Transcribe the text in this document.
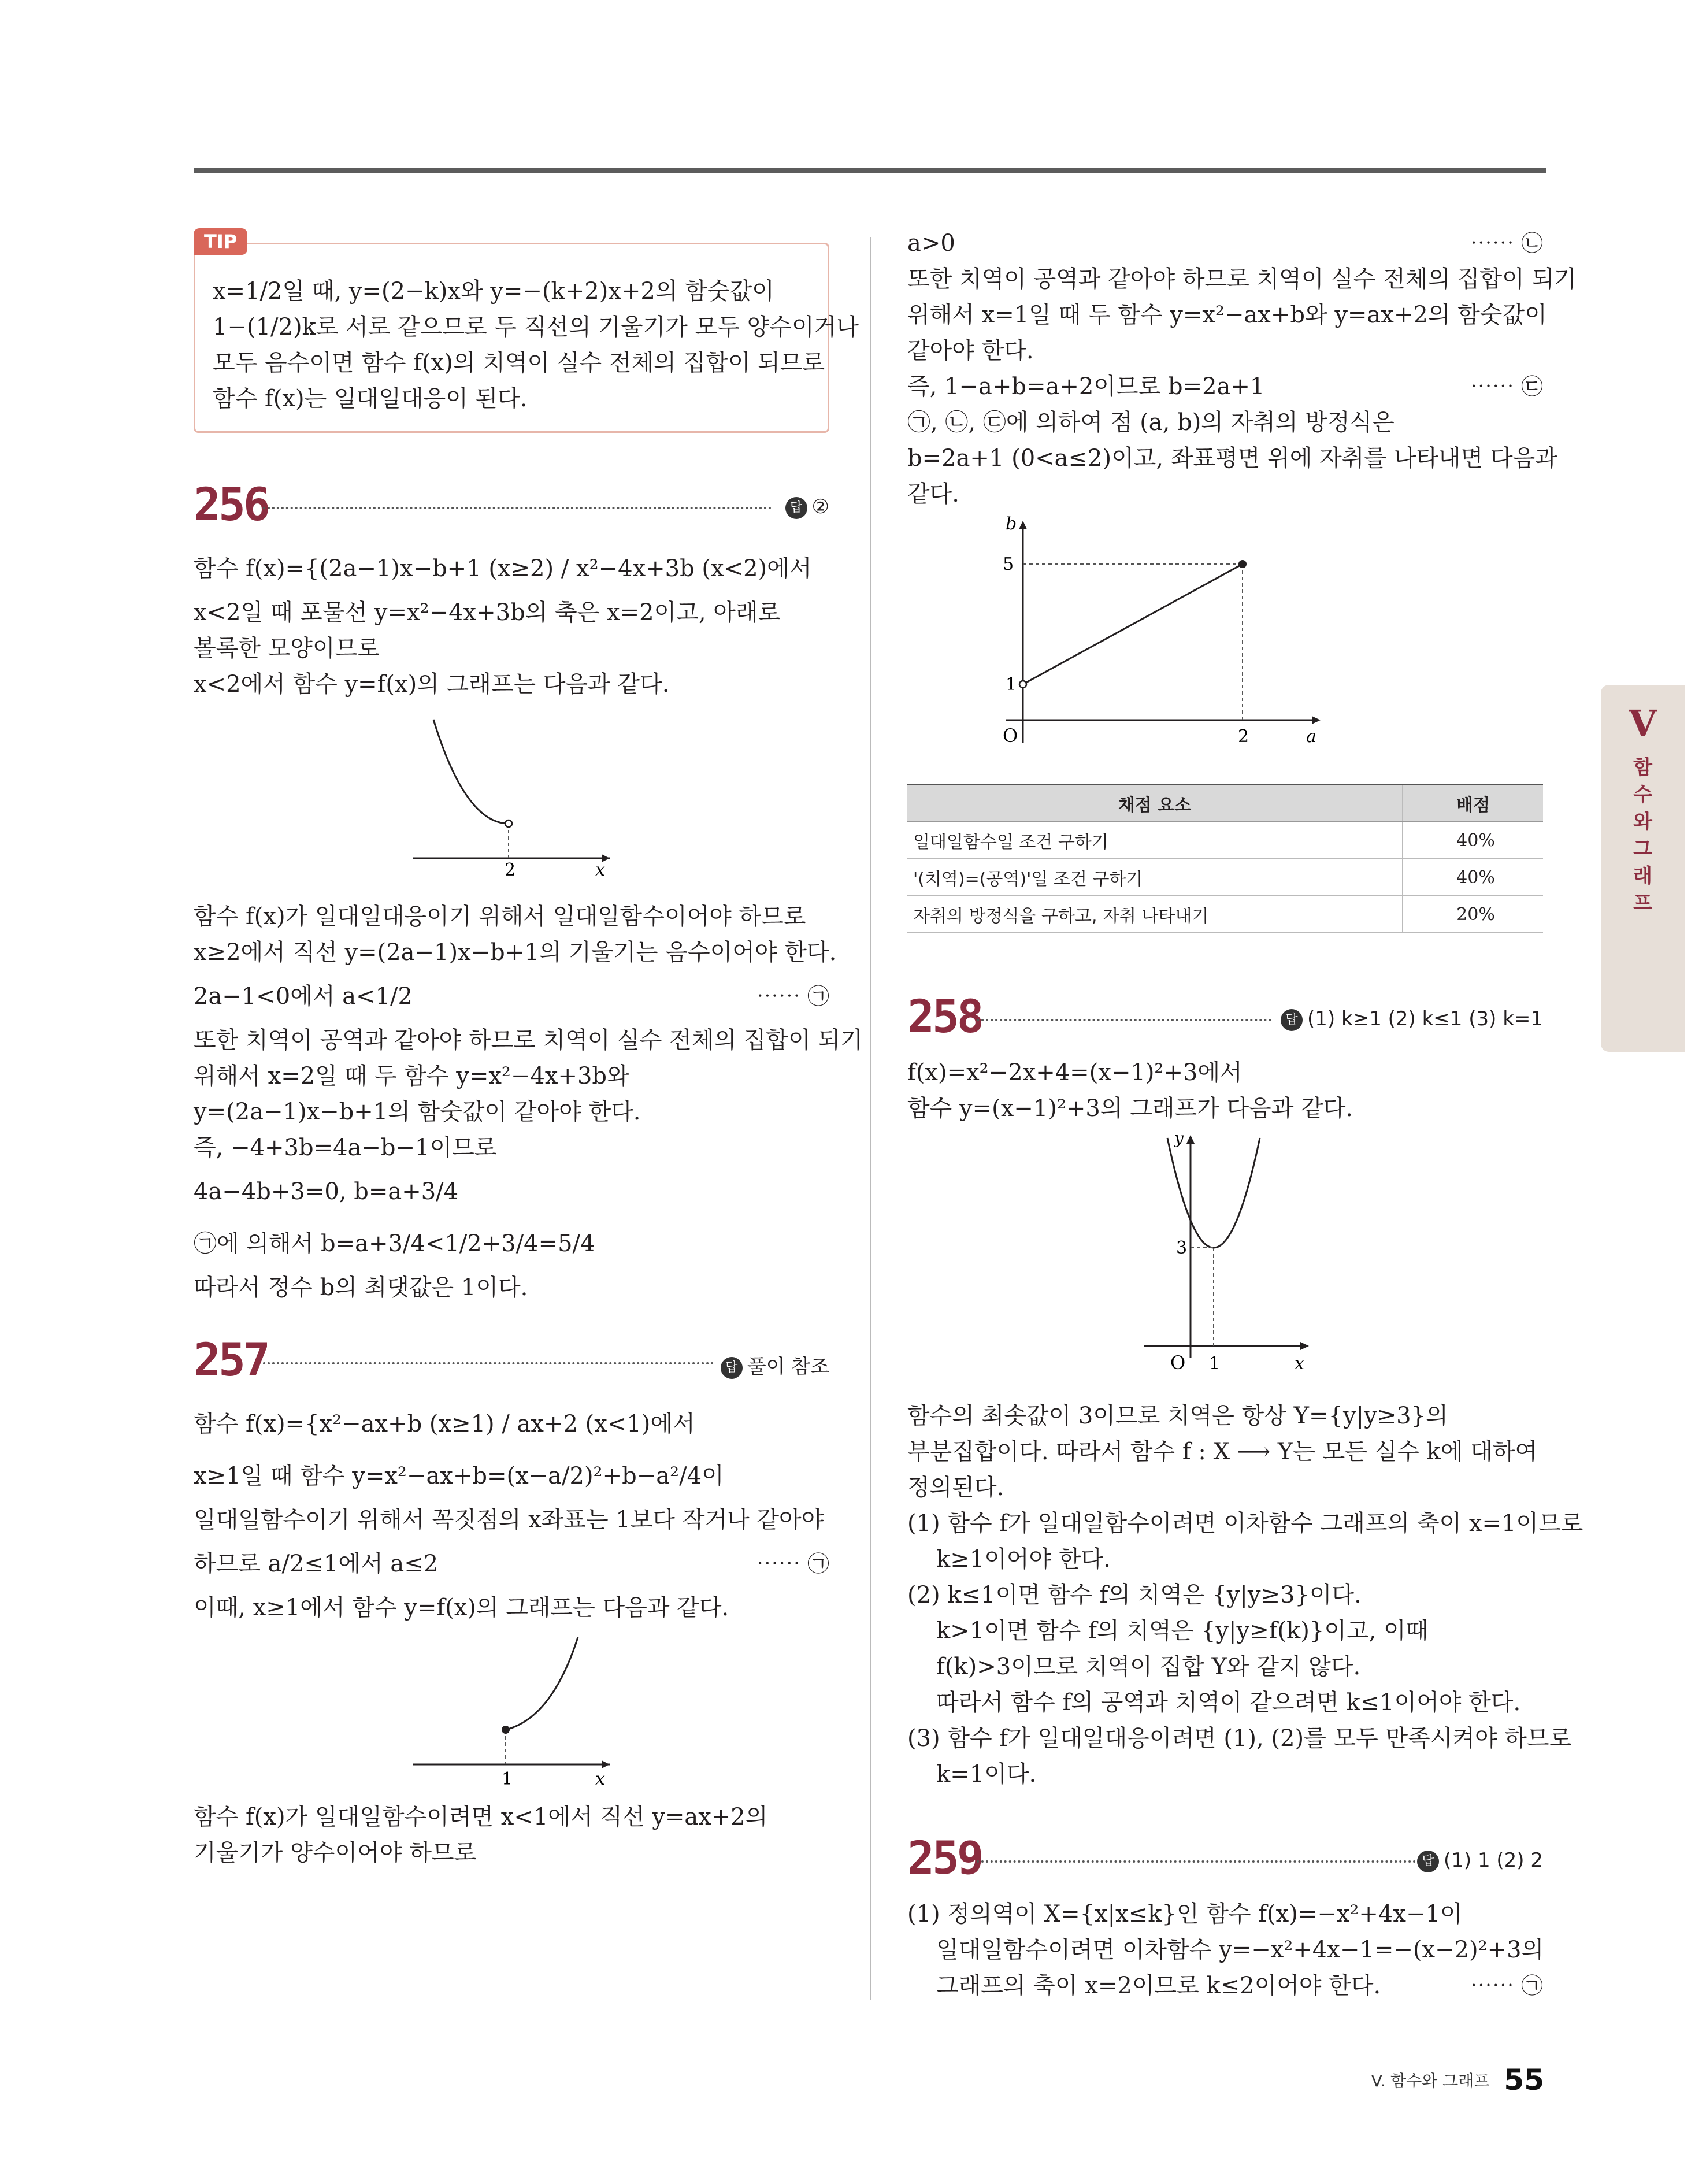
TIP
x=1/2일 때, y=(2−k)x와 y=−(k+2)x+2의 함숫값이
1−(1/2)k로 서로 같으므로 두 직선의 기울기가 모두 양수이거나
모두 음수이면 함수 f(x)의 치역이 실수 전체의 집합이 되므로
함수 f(x)는 일대일대응이 된다.
256	답 ②
함수 f(x)={(2a−1)x−b+1 (x≥2) / x²−4x+3b (x<2)에서
x<2일 때 포물선 y=x²−4x+3b의 축은 x=2이고, 아래로
볼록한 모양이므로
x<2에서 함수 y=f(x)의 그래프는 다음과 같다.
2	x
함수 f(x)가 일대일대응이기 위해서 일대일함수이어야 하므로
x≥2에서 직선 y=(2a−1)x−b+1의 기울기는 음수이어야 한다.
2a−1<0에서 a<1/2	⋯⋯ ㉠
또한 치역이 공역과 같아야 하므로 치역이 실수 전체의 집합이 되기
위해서 x=2일 때 두 함수 y=x²−4x+3b와
y=(2a−1)x−b+1의 함숫값이 같아야 한다.
즉, −4+3b=4a−b−1이므로
4a−4b+3=0, b=a+3/4
㉠에 의해서 b=a+3/4<1/2+3/4=5/4
따라서 정수 b의 최댓값은 1이다.
257	답 풀이 참조
함수 f(x)={x²−ax+b (x≥1) / ax+2 (x<1)에서
x≥1일 때 함수 y=x²−ax+b=(x−a/2)²+b−a²/4이
일대일함수이기 위해서 꼭짓점의 x좌표는 1보다 작거나 같아야
하므로 a/2≤1에서 a≤2	⋯⋯ ㉠
이때, x≥1에서 함수 y=f(x)의 그래프는 다음과 같다.
1	x
함수 f(x)가 일대일함수이려면 x<1에서 직선 y=ax+2의
기울기가 양수이어야 하므로
a>0	⋯⋯ ㉡
또한 치역이 공역과 같아야 하므로 치역이 실수 전체의 집합이 되기
위해서 x=1일 때 두 함수 y=x²−ax+b와 y=ax+2의 함숫값이
같아야 한다.
즉, 1−a+b=a+2이므로 b=2a+1	⋯⋯ ㉢
㉠, ㉡, ㉢에 의하여 점 (a, b)의 자취의 방정식은
b=2a+1 (0<a≤2)이고, 좌표평면 위에 자취를 나타내면 다음과
같다.
b
5
1
O	2	a
채점 요소	배점
일대일함수일 조건 구하기	40%
'(치역)=(공역)'일 조건 구하기	40%
자취의 방정식을 구하고, 자취 나타내기	20%
258	답 (1) k≥1 (2) k≤1 (3) k=1
f(x)=x²−2x+4=(x−1)²+3에서
함수 y=(x−1)²+3의 그래프가 다음과 같다.
y
3
O 1	x
함수의 최솟값이 3이므로 치역은 항상 Y={y|y≥3}의
부분집합이다. 따라서 함수 f : X ⟶ Y는 모든 실수 k에 대하여
정의된다.
(1) 함수 f가 일대일함수이려면 이차함수 그래프의 축이 x=1이므로
k≥1이어야 한다.
(2) k≤1이면 함수 f의 치역은 {y|y≥3}이다.
k>1이면 함수 f의 치역은 {y|y≥f(k)}이고, 이때
f(k)>3이므로 치역이 집합 Y와 같지 않다.
따라서 함수 f의 공역과 치역이 같으려면 k≤1이어야 한다.
(3) 함수 f가 일대일대응이려면 (1), (2)를 모두 만족시켜야 하므로
k=1이다.
259	답 (1) 1 (2) 2
(1) 정의역이 X={x|x≤k}인 함수 f(x)=−x²+4x−1이
일대일함수이려면 이차함수 y=−x²+4x−1=−(x−2)²+3의
그래프의 축이 x=2이므로 k≤2이어야 한다.	⋯⋯ ㉠
V
함
수
와
그
래
프
V. 함수와 그래프 55
